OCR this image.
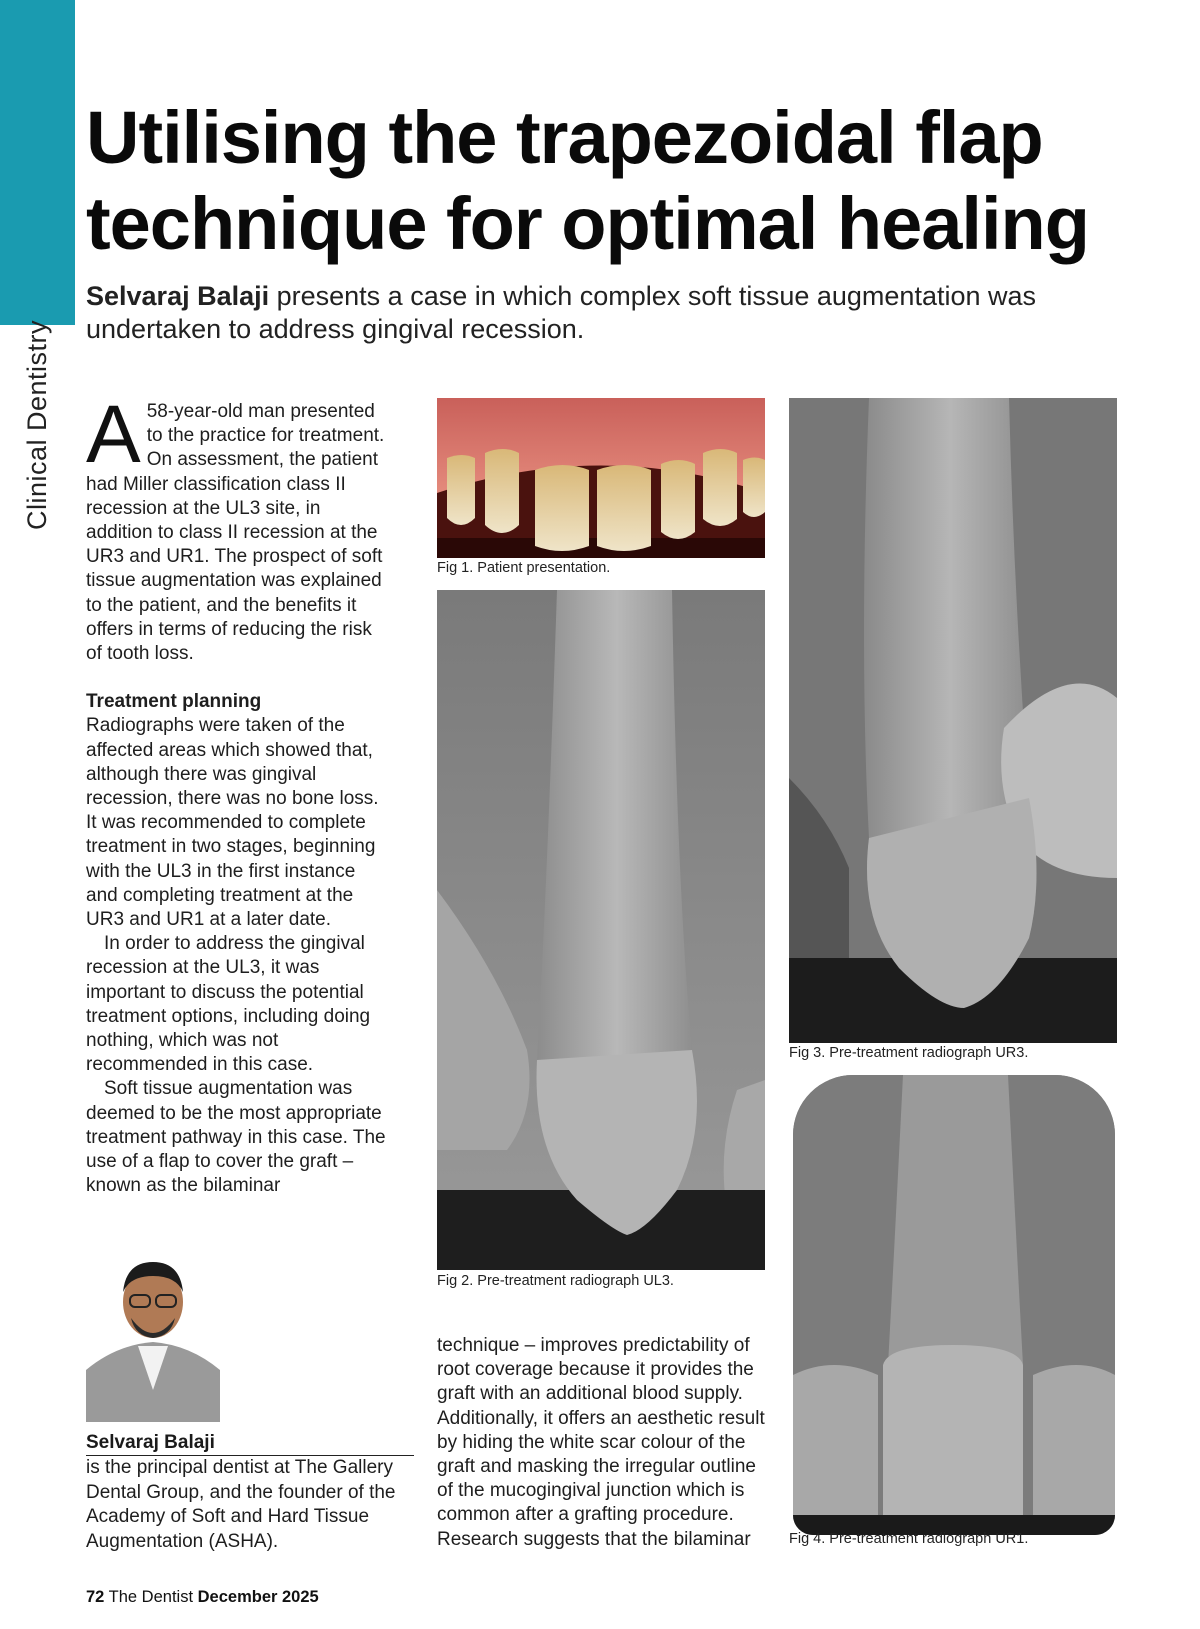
Clinical Dentistry
Utilising the trapezoidal flap technique for optimal healing
Selvaraj Balaji presents a case in which complex soft tissue augmentation was undertaken to address gingival recession.
A 58-year-old man presented to the practice for treatment. On assessment, the patient had Miller classification class II recession at the UL3 site, in addition to class II recession at the UR3 and UR1. The prospect of soft tissue augmentation was explained to the patient, and the benefits it offers in terms of reducing the risk of tooth loss.
Treatment planning
Radiographs were taken of the affected areas which showed that, although there was gingival recession, there was no bone loss. It was recommended to complete treatment in two stages, beginning with the UL3 in the first instance and completing treatment at the UR3 and UR1 at a later date.
In order to address the gingival recession at the UL3, it was important to discuss the potential treatment options, including doing nothing, which was not recommended in this case.
Soft tissue augmentation was deemed to be the most appropriate treatment pathway in this case. The use of a flap to cover the graft – known as the bilaminar
Fig 1. Patient presentation.
Fig 2. Pre-treatment radiograph UL3.
Fig 3. Pre-treatment radiograph UR3.
Fig 4. Pre-treatment radiograph UR1.
technique – improves predictability of root coverage because it provides the graft with an additional blood supply. Additionally, it offers an aesthetic result by hiding the white scar colour of the graft and masking the irregular outline of the mucogingival junction which is common after a grafting procedure. Research suggests that the bilaminar
Selvaraj Balaji
is the principal dentist at The Gallery Dental Group, and the founder of the Academy of Soft and Hard Tissue Augmentation (ASHA).
72 The Dentist December 2025
